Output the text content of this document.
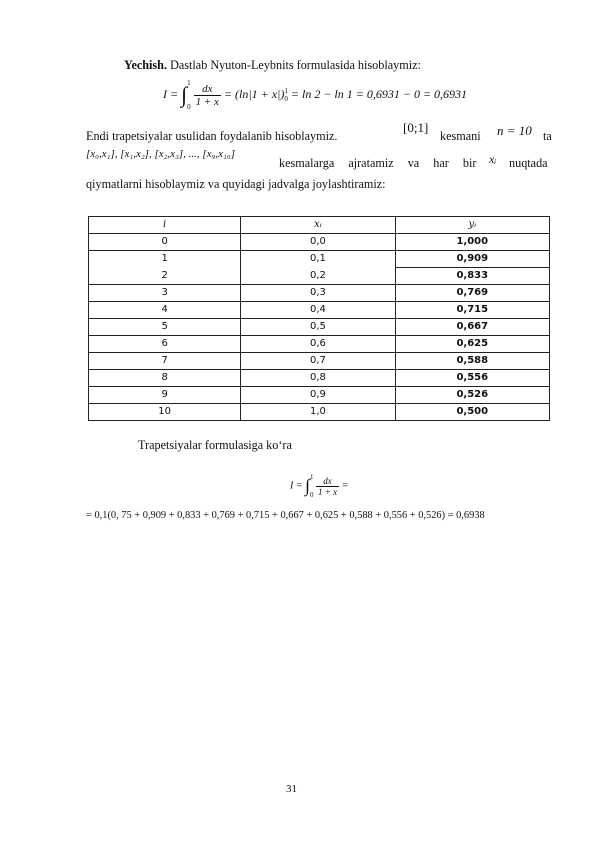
Yechish. Dastlab Nyuton-Leybnits formulasida hisoblaymiz:
I = ∫ 1
0
$\frac{dx}{1 + x} = (\ln|1 + x|)$ 1
0 = ln 2 − ln 1 = 0,6931 − 0 = 0,6931
Endi trapetsiyalar usulidan foydalanib hisoblaymiz.
[0;1]
kesmani n = 10 ta
[x₀,x₁], [x₁,x₂], [x₂,x₃], ..., [x₉,x₁₀]
kesmalarga ajratamiz va har bir xᵢ nuqtada
qiymatlarni hisoblaymiz va quyidagi jadvalga joylashtiramiz:
i	xᵢ	yᵢ
0	0,0	1,000
1	0,1	0,909
2	0,2	0,833
3	0,3	0,769
4	0,4	0,715
5	0,5	0,667
6	0,6	0,625
7	0,7	0,588
8	0,8	0,556
9	0,9	0,526
10	1,0	0,500
Trapetsiyalar formulasiga ko‘ra
I = ∫ 1
0
$\frac{dx}{1 + x}$ =
= 0,1(0, 75 + 0,909 + 0,833 + 0,769 + 0,715 + 0,667 + 0,625 + 0,588 + 0,556 + 0,526) = 0,6938
31
